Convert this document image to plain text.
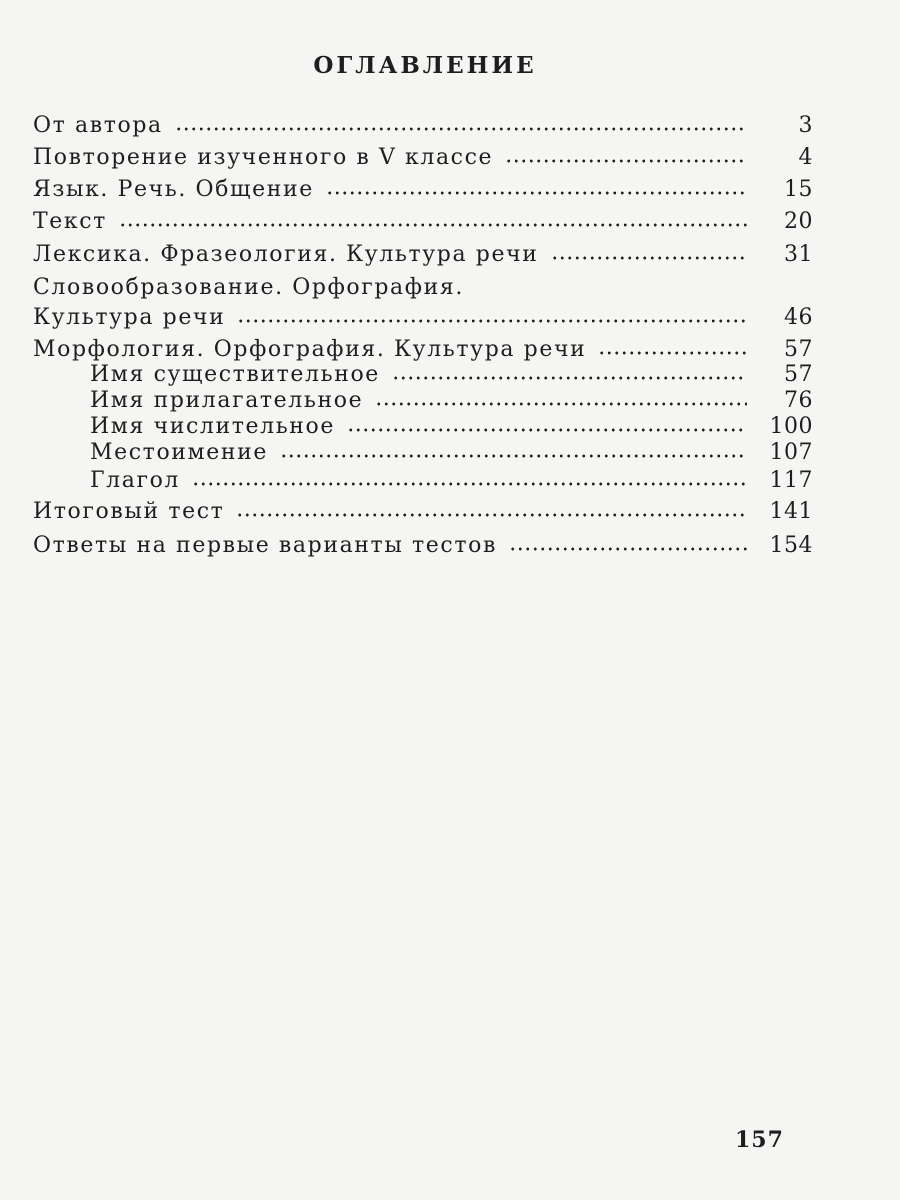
ОГЛАВЛЕНИЕ
От автора	3
Повторение изученного в V классе	4
Язык. Речь. Общение	15
Текст	20
Лексика. Фразеология. Культура речи	31
Словообразование. Орфография.
Культура речи	46
Морфология. Орфография. Культура речи	57
Имя существительное	57
Имя прилагательное	76
Имя числительное	100
Местоимение	107
Глагол	117
Итоговый тест	141
Ответы на первые варианты тестов	154
157
